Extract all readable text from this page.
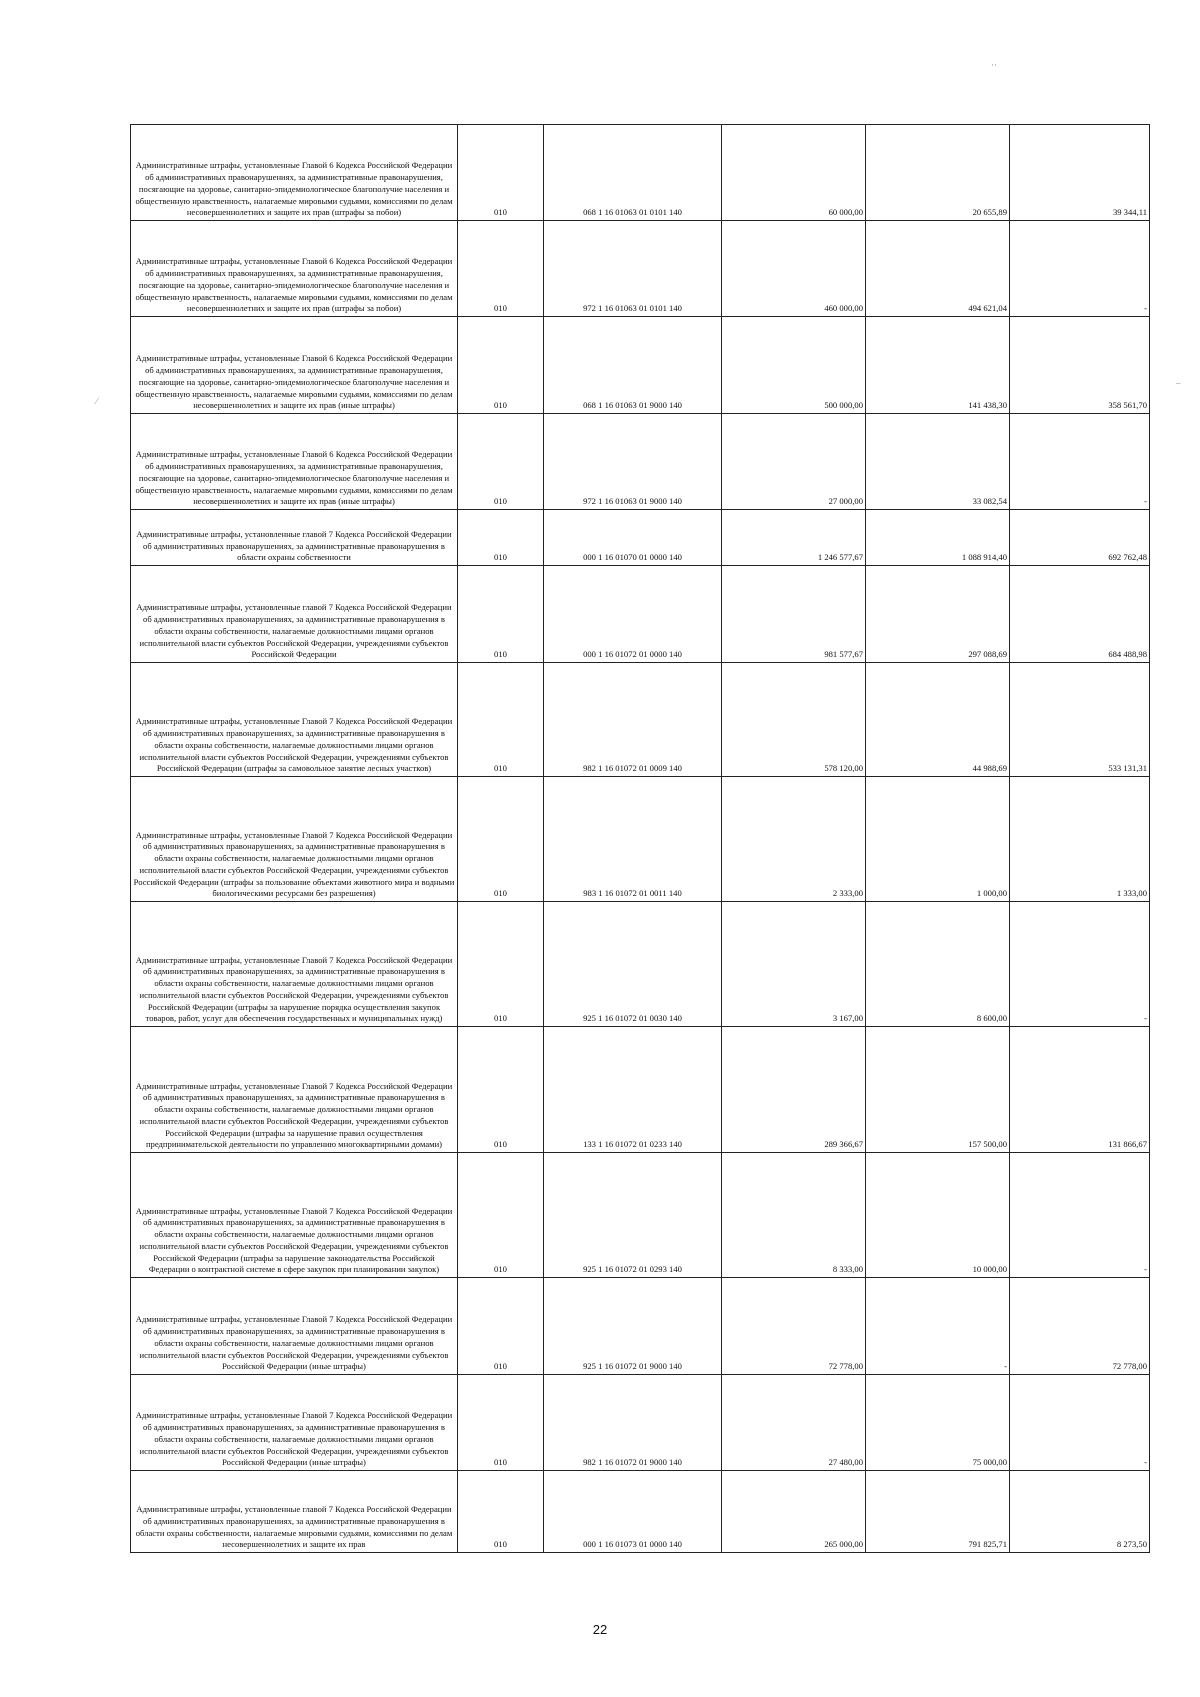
Административные штрафы, установленные Главой 6 Кодекса Российской Федерации об административных правонарушениях, за административные правонарушения, посягающие на здоровье, санитарно-эпидемиологическое благополучие населения и общественную нравственность, налагаемые мировыми судьями, комиссиями по делам несовершеннолетних и защите их прав (штрафы за побои)	010	068 1 16 01063 01 0101 140	60 000,00	20 655,89	39 344,11
Административные штрафы, установленные Главой 6 Кодекса Российской Федерации об административных правонарушениях, за административные правонарушения, посягающие на здоровье, санитарно-эпидемиологическое благополучие населения и общественную нравственность, налагаемые мировыми судьями, комиссиями по делам несовершеннолетних и защите их прав (штрафы за побои)	010	972 1 16 01063 01 0101 140	460 000,00	494 621,04	-
Административные штрафы, установленные Главой 6 Кодекса Российской Федерации об административных правонарушениях, за административные правонарушения, посягающие на здоровье, санитарно-эпидемиологическое благополучие населения и общественную нравственность, налагаемые мировыми судьями, комиссиями по делам несовершеннолетних и защите их прав (иные штрафы)	010	068 1 16 01063 01 9000 140	500 000,00	141 438,30	358 561,70
Административные штрафы, установленные Главой 6 Кодекса Российской Федерации об административных правонарушениях, за административные правонарушения, посягающие на здоровье, санитарно-эпидемиологическое благополучие населения и общественную нравственность, налагаемые мировыми судьями, комиссиями по делам несовершеннолетних и защите их прав (иные штрафы)	010	972 1 16 01063 01 9000 140	27 000,00	33 082,54	-
Административные штрафы, установленные главой 7 Кодекса Российской Федерации об административных правонарушениях, за административные правонарушения в области охраны собственности	010	000 1 16 01070 01 0000 140	1 246 577,67	1 088 914,40	692 762,48
Административные штрафы, установленные главой 7 Кодекса Российской Федерации об административных правонарушениях, за административные правонарушения в области охраны собственности, налагаемые должностными лицами органов исполнительной власти субъектов Российской Федерации, учреждениями субъектов Российской Федерации	010	000 1 16 01072 01 0000 140	981 577,67	297 088,69	684 488,98
Административные штрафы, установленные Главой 7 Кодекса Российской Федерации об административных правонарушениях, за административные правонарушения в области охраны собственности, налагаемые должностными лицами органов исполнительной власти субъектов Российской Федерации, учреждениями субъектов Российской Федерации (штрафы за самовольное занятие лесных участков)	010	982 1 16 01072 01 0009 140	578 120,00	44 988,69	533 131,31
Административные штрафы, установленные Главой 7 Кодекса Российской Федерации об административных правонарушениях, за административные правонарушения в области охраны собственности, налагаемые должностными лицами органов исполнительной власти субъектов Российской Федерации, учреждениями субъектов Российской Федерации (штрафы за пользование объектами животного мира и водными биологическими ресурсами без разрешения)	010	983 1 16 01072 01 0011 140	2 333,00	1 000,00	1 333,00
Административные штрафы, установленные Главой 7 Кодекса Российской Федерации об административных правонарушениях, за административные правонарушения в области охраны собственности, налагаемые должностными лицами органов исполнительной власти субъектов Российской Федерации, учреждениями субъектов Российской Федерации (штрафы за нарушение порядка осуществления закупок товаров, работ, услуг для обеспечения государственных и муниципальных нужд)	010	925 1 16 01072 01 0030 140	3 167,00	8 600,00	-
Административные штрафы, установленные Главой 7 Кодекса Российской Федерации об административных правонарушениях, за административные правонарушения в области охраны собственности, налагаемые должностными лицами органов исполнительной власти субъектов Российской Федерации, учреждениями субъектов Российской Федерации (штрафы за нарушение правил осуществления предпринимательской деятельности по управлению многоквартирными домами)	010	133 1 16 01072 01 0233 140	289 366,67	157 500,00	131 866,67
Административные штрафы, установленные Главой 7 Кодекса Российской Федерации об административных правонарушениях, за административные правонарушения в области охраны собственности, налагаемые должностными лицами органов исполнительной власти субъектов Российской Федерации, учреждениями субъектов Российской Федерации (штрафы за нарушение законодательства Российской Федерации о контрактной системе в сфере закупок при планировании закупок)	010	925 1 16 01072 01 0293 140	8 333,00	10 000,00	-
Административные штрафы, установленные Главой 7 Кодекса Российской Федерации об административных правонарушениях, за административные правонарушения в области охраны собственности, налагаемые должностными лицами органов исполнительной власти субъектов Российской Федерации, учреждениями субъектов Российской Федерации (иные штрафы)	010	925 1 16 01072 01 9000 140	72 778,00	-	72 778,00
Административные штрафы, установленные Главой 7 Кодекса Российской Федерации об административных правонарушениях, за административные правонарушения в области охраны собственности, налагаемые должностными лицами органов исполнительной власти субъектов Российской Федерации, учреждениями субъектов Российской Федерации (иные штрафы)	010	982 1 16 01072 01 9000 140	27 480,00	75 000,00	-
Административные штрафы, установленные главой 7 Кодекса Российской Федерации об административных правонарушениях, за административные правонарушения в области охраны собственности, налагаемые мировыми судьями, комиссиями по делам несовершеннолетних и защите их прав	010	000 1 16 01073 01 0000 140	265 000,00	791 825,71	8 273,50
··
–
⁄
22
